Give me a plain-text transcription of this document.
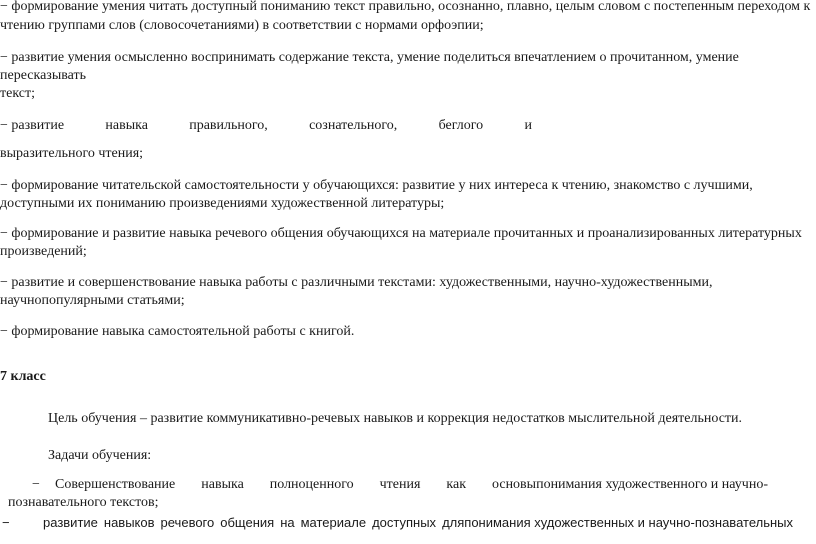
− формирование умения читать доступный пониманию текст правильно, осознанно, плавно, целым словом с постепенным переходом к
чтению группами слов (словосочетаниями) в соответствии с нормами орфоэпии;
− развитие умения осмысленно воспринимать содержание текста, умение поделиться впечатлением о прочитанном, умение
пересказывать
текст;
− развитие	навыка	правильного,	сознательного,	беглого	и
выразительного чтения;
− формирование читательской самостоятельности у обучающихся: развитие у них интереса к чтению, знакомство с лучшими,
доступными их пониманию произведениями художественной литературы;
− формирование и развитие навыка речевого общения обучающихся на материале прочитанных и проанализированных литературных
произведений;
− развитие и совершенствование навыка работы с различными текстами: художественными, научно-художественными,
научнопопулярными статьями;
− формирование навыка самостоятельной работы с книгой.
7 класс
Цель обучения – развитие коммуникативно-речевых навыков и коррекция недостатков мыслительной деятельности.
Задачи обучения:
− Совершенствование навыка полноценного чтения как основыпонимания художественного и научно-
познавательного текстов;
−	развитие навыков речевого общения на материале доступных дляпонимания художественных и научно-познавательных
